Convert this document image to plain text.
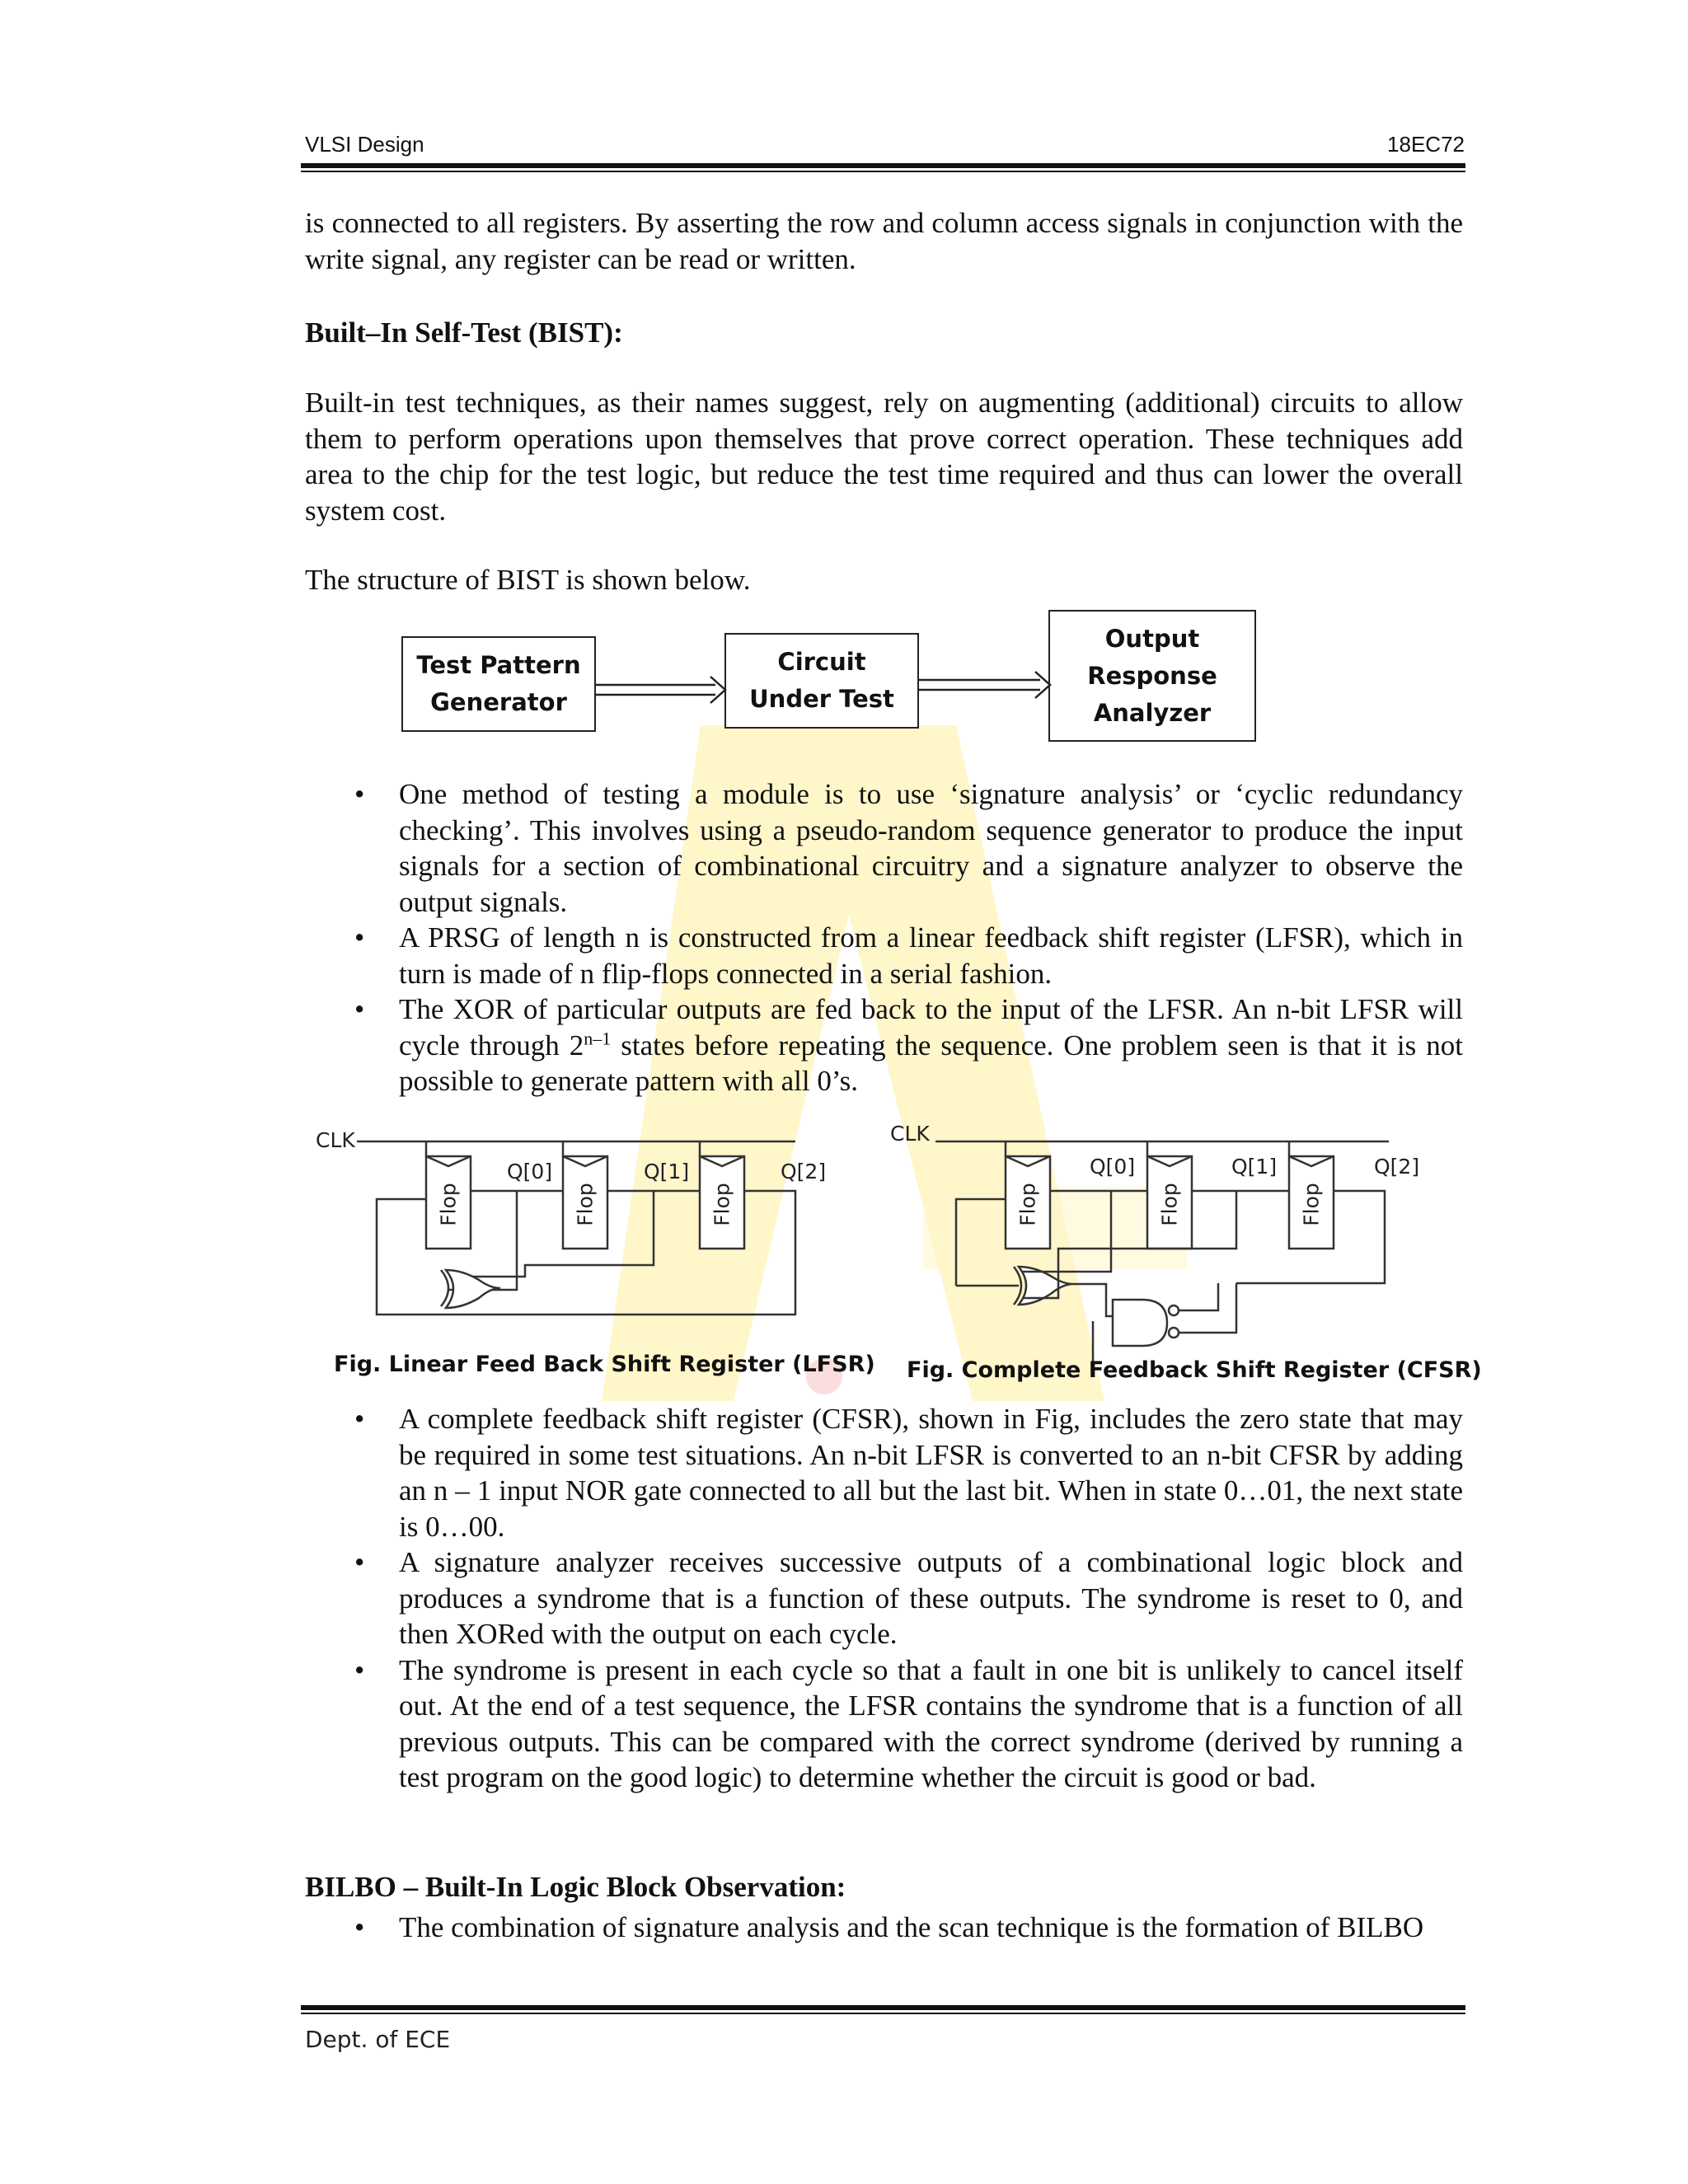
VLSI Design	18EC72

is connected to all registers. By asserting the row and column access signals in conjunction with the write signal, any register can be read or written.

Built–In Self-Test (BIST):

Built-in test techniques, as their names suggest, rely on augmenting (additional) circuits to allow them to perform operations upon themselves that prove correct operation. These techniques add area to the chip for the test logic, but reduce the test time required and thus can lower the overall system cost.

The structure of BIST is shown below.

Test Pattern
Generator
Circuit
Under Test
Output
Response
Analyzer
• One method of testing a module is to use ‘signature analysis’ or ‘cyclic redundancy checking’. This involves using a pseudo-random sequence generator to produce the input signals for a section of combinational circuitry and a signature analyzer to observe the output signals.
• A PRSG of length n is constructed from a linear feedback shift register (LFSR), which in turn is made of n flip-flops connected in a serial fashion.
• The XOR of particular outputs are fed back to the input of the LFSR. An n-bit LFSR will cycle through 2$^{n-1}$ states before repeating the sequence. One problem seen is that it is not possible to generate pattern with all 0’s.
CLK
Q[0]	Q[1]	Q[2]
Flop	Flop	Flop
Fig. Linear Feed Back Shift Register (LFSR)
CLK
Q[0]	Q[1]	Q[2]
Flop	Flop	Flop
Fig. Complete Feedback Shift Register (CFSR)
• A complete feedback shift register (CFSR), shown in Fig, includes the zero state that may be required in some test situations. An n-bit LFSR is converted to an n-bit CFSR by adding an n – 1 input NOR gate connected to all but the last bit. When in state 0…01, the next state is 0…00.
• A signature analyzer receives successive outputs of a combinational logic block and produces a syndrome that is a function of these outputs. The syndrome is reset to 0, and then XORed with the output on each cycle.
• The syndrome is present in each cycle so that a fault in one bit is unlikely to cancel itself out. At the end of a test sequence, the LFSR contains the syndrome that is a function of all previous outputs. This can be compared with the correct syndrome (derived by running a test program on the good logic) to determine whether the circuit is good or bad.
BILBO – Built-In Logic Block Observation:
• The combination of signature analysis and the scan technique is the formation of BILBO
Dept. of ECE
